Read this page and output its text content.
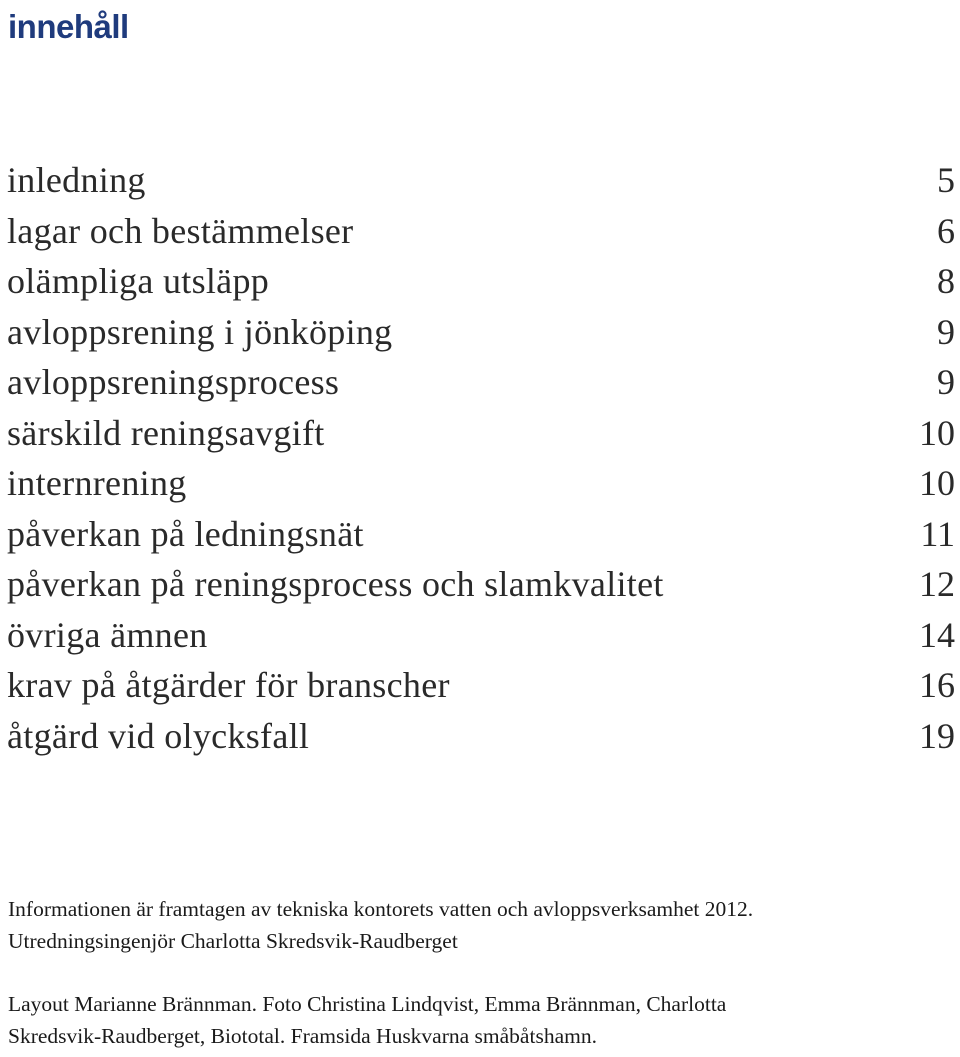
innehåll
inledning	5
lagar och bestämmelser	6
olämpliga utsläpp	8
avloppsrening i jönköping	9
avloppsreningsprocess	9
särskild reningsavgift	10
internrening	10
påverkan på ledningsnät	11
påverkan på reningsprocess och slamkvalitet	12
övriga ämnen	14
krav på åtgärder för branscher	16
åtgärd vid olycksfall	19

Informationen är framtagen av tekniska kontorets vatten och avloppsverksamhet 2012.

Utredningsingenjör Charlotta Skredsvik-Raudberget

Layout Marianne Brännman. Foto Christina Lindqvist, Emma Brännman, Charlotta

Skredsvik-Raudberget, Biototal. Framsida Huskvarna småbåtshamn.
